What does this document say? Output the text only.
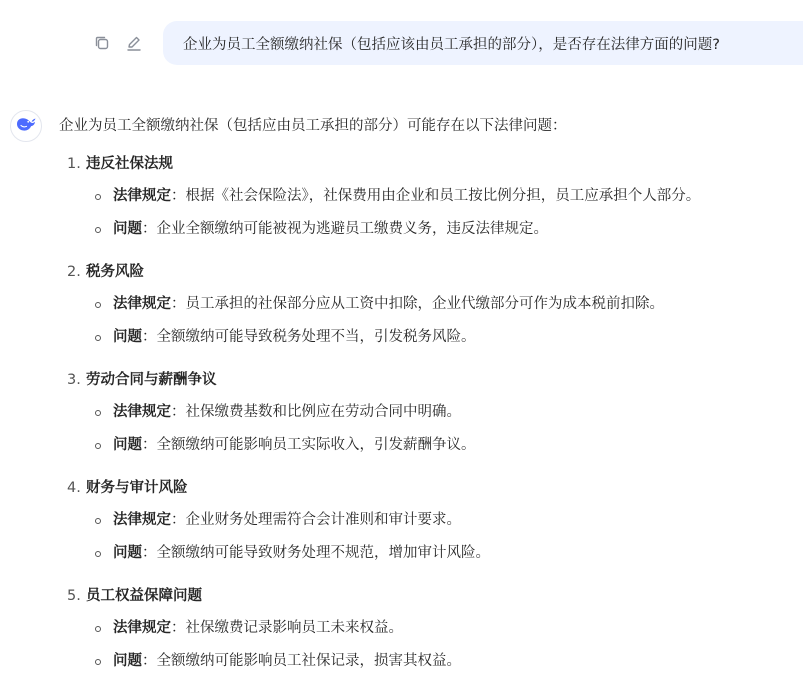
企业为员工全额缴纳社保（包括应该由员工承担的部分），是否存在法律方面的问题?
企业为员工全额缴纳社保（包括应由员工承担的部分）可能存在以下法律问题：
1. 违反社保法规
法律规定 ：根据《社会保险法》，社保费用由企业和员工按比例分担，员工应承担个人部分。
问题 ：企业全额缴纳可能被视为逃避员工缴费义务，违反法律规定。
2. 税务风险
法律规定 ：员工承担的社保部分应从工资中扣除，企业代缴部分可作为成本税前扣除。
问题 ：全额缴纳可能导致税务处理不当，引发税务风险。
3. 劳动合同与薪酬争议
法律规定 ：社保缴费基数和比例应在劳动合同中明确。
问题 ：全额缴纳可能影响员工实际收入，引发薪酬争议。
4. 财务与审计风险
法律规定 ：企业财务处理需符合会计准则和审计要求。
问题 ：全额缴纳可能导致财务处理不规范，增加审计风险。
5. 员工权益保障问题
法律规定 ：社保缴费记录影响员工未来权益。
问题 ：全额缴纳可能影响员工社保记录，损害其权益。
